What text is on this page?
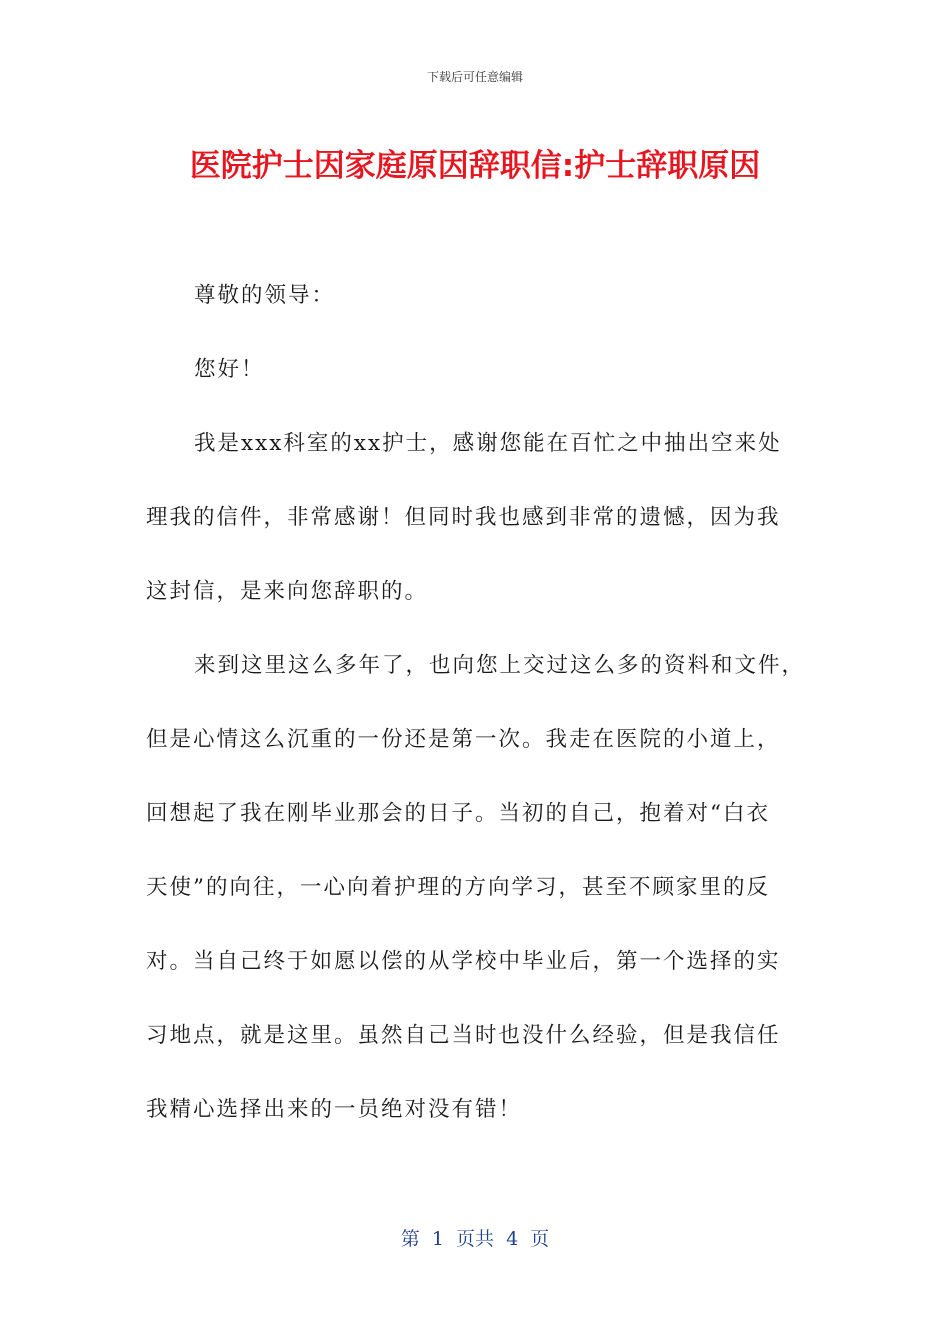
下载后可任意编辑
医院护士因家庭原因辞职信:护士辞职原因
尊敬的领导：
您好！
我是xxx科室的xx护士，感谢您能在百忙之中抽出空来处
理我的信件，非常感谢！但同时我也感到非常的遗憾，因为我
这封信，是来向您辞职的。
来到这里这么多年了，也向您上交过这么多的资料和文件，
但是心情这么沉重的一份还是第一次。我走在医院的小道上，
回想起了我在刚毕业那会的日子。当初的自己，抱着对“白衣
天使”的向往，一心向着护理的方向学习，甚至不顾家里的反
对。当自己终于如愿以偿的从学校中毕业后，第一个选择的实
习地点，就是这里。虽然自己当时也没什么经验，但是我信任
我精心选择出来的一员绝对没有错！
第  1  页共  4  页
